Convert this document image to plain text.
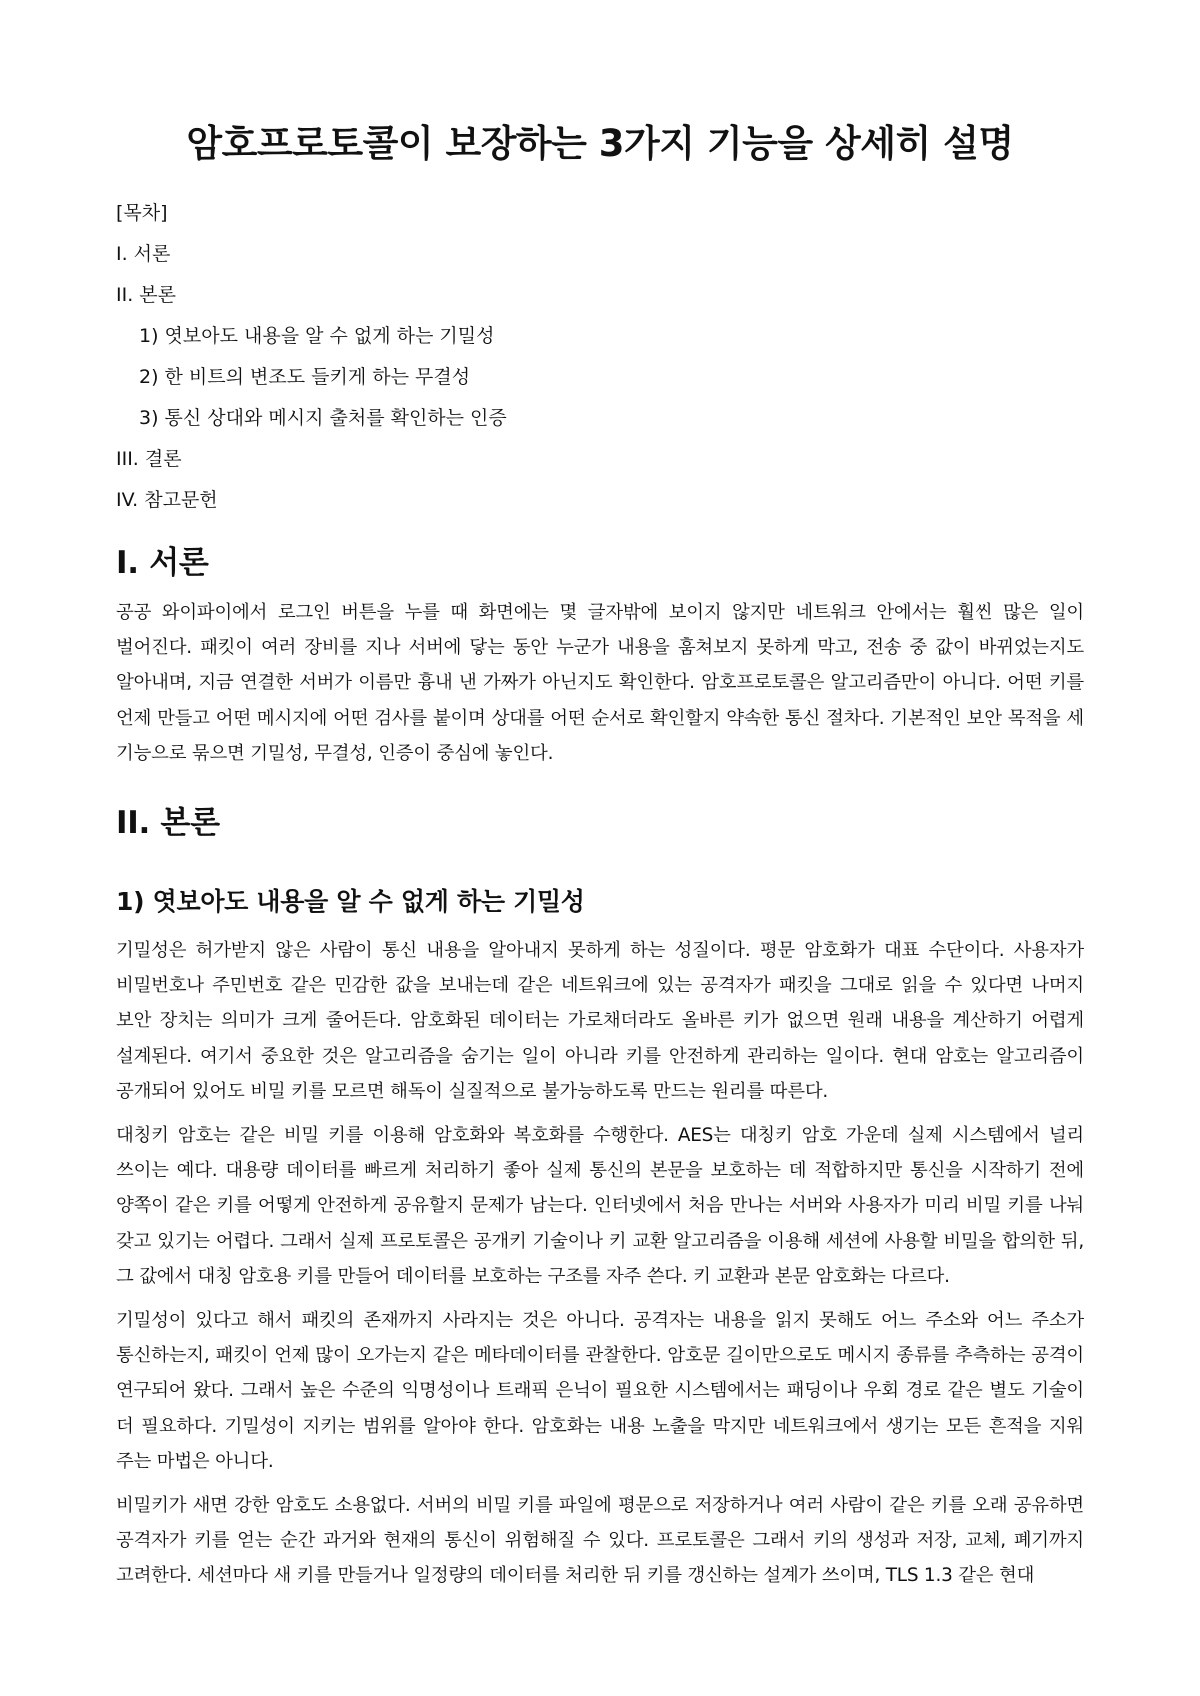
암호프로토콜이 보장하는 3가지 기능을 상세히 설명
[목차]
I. 서론
II. 본론
1) 엿보아도 내용을 알 수 없게 하는 기밀성
2) 한 비트의 변조도 들키게 하는 무결성
3) 통신 상대와 메시지 출처를 확인하는 인증
III. 결론
IV. 참고문헌
I. 서론

공공 와이파이에서 로그인 버튼을 누를 때 화면에는 몇 글자밖에 보이지 않지만 네트워크 안에서는 훨씬 많은 일이 벌어진다. 패킷이 여러 장비를 지나 서버에 닿는 동안 누군가 내용을 훔쳐보지 못하게 막고, 전송 중 값이 바뀌었는지도 알아내며, 지금 연결한 서버가 이름만 흉내 낸 가짜가 아닌지도 확인한다. 암호프로토콜은 알고리즘만이 아니다. 어떤 키를 언제 만들고 어떤 메시지에 어떤 검사를 붙이며 상대를 어떤 순서로 확인할지 약속한 통신 절차다. 기본적인 보안 목적을 세 기능으로 묶으면 기밀성, 무결성, 인증이 중심에 놓인다.

II. 본론
1) 엿보아도 내용을 알 수 없게 하는 기밀성

기밀성은 허가받지 않은 사람이 통신 내용을 알아내지 못하게 하는 성질이다. 평문 암호화가 대표 수단이다. 사용자가 비밀번호나 주민번호 같은 민감한 값을 보내는데 같은 네트워크에 있는 공격자가 패킷을 그대로 읽을 수 있다면 나머지 보안 장치는 의미가 크게 줄어든다. 암호화된 데이터는 가로채더라도 올바른 키가 없으면 원래 내용을 계산하기 어렵게 설계된다. 여기서 중요한 것은 알고리즘을 숨기는 일이 아니라 키를 안전하게 관리하는 일이다. 현대 암호는 알고리즘이 공개되어 있어도 비밀 키를 모르면 해독이 실질적으로 불가능하도록 만드는 원리를 따른다.

대칭키 암호는 같은 비밀 키를 이용해 암호화와 복호화를 수행한다. AES는 대칭키 암호 가운데 실제 시스템에서 널리 쓰이는 예다. 대용량 데이터를 빠르게 처리하기 좋아 실제 통신의 본문을 보호하는 데 적합하지만 통신을 시작하기 전에 양쪽이 같은 키를 어떻게 안전하게 공유할지 문제가 남는다. 인터넷에서 처음 만나는 서버와 사용자가 미리 비밀 키를 나눠 갖고 있기는 어렵다. 그래서 실제 프로토콜은 공개키 기술이나 키 교환 알고리즘을 이용해 세션에 사용할 비밀을 합의한 뒤, 그 값에서 대칭 암호용 키를 만들어 데이터를 보호하는 구조를 자주 쓴다. 키 교환과 본문 암호화는 다르다.

기밀성이 있다고 해서 패킷의 존재까지 사라지는 것은 아니다. 공격자는 내용을 읽지 못해도 어느 주소와 어느 주소가 통신하는지, 패킷이 언제 많이 오가는지 같은 메타데이터를 관찰한다. 암호문 길이만으로도 메시지 종류를 추측하는 공격이 연구되어 왔다. 그래서 높은 수준의 익명성이나 트래픽 은닉이 필요한 시스템에서는 패딩이나 우회 경로 같은 별도 기술이 더 필요하다. 기밀성이 지키는 범위를 알아야 한다. 암호화는 내용 노출을 막지만 네트워크에서 생기는 모든 흔적을 지워 주는 마법은 아니다.

비밀키가 새면 강한 암호도 소용없다. 서버의 비밀 키를 파일에 평문으로 저장하거나 여러 사람이 같은 키를 오래 공유하면 공격자가 키를 얻는 순간 과거와 현재의 통신이 위험해질 수 있다. 프로토콜은 그래서 키의 생성과 저장, 교체, 폐기까지 고려한다. 세션마다 새 키를 만들거나 일정량의 데이터를 처리한 뒤 키를 갱신하는 설계가 쓰이며, TLS 1.3 같은 현대
